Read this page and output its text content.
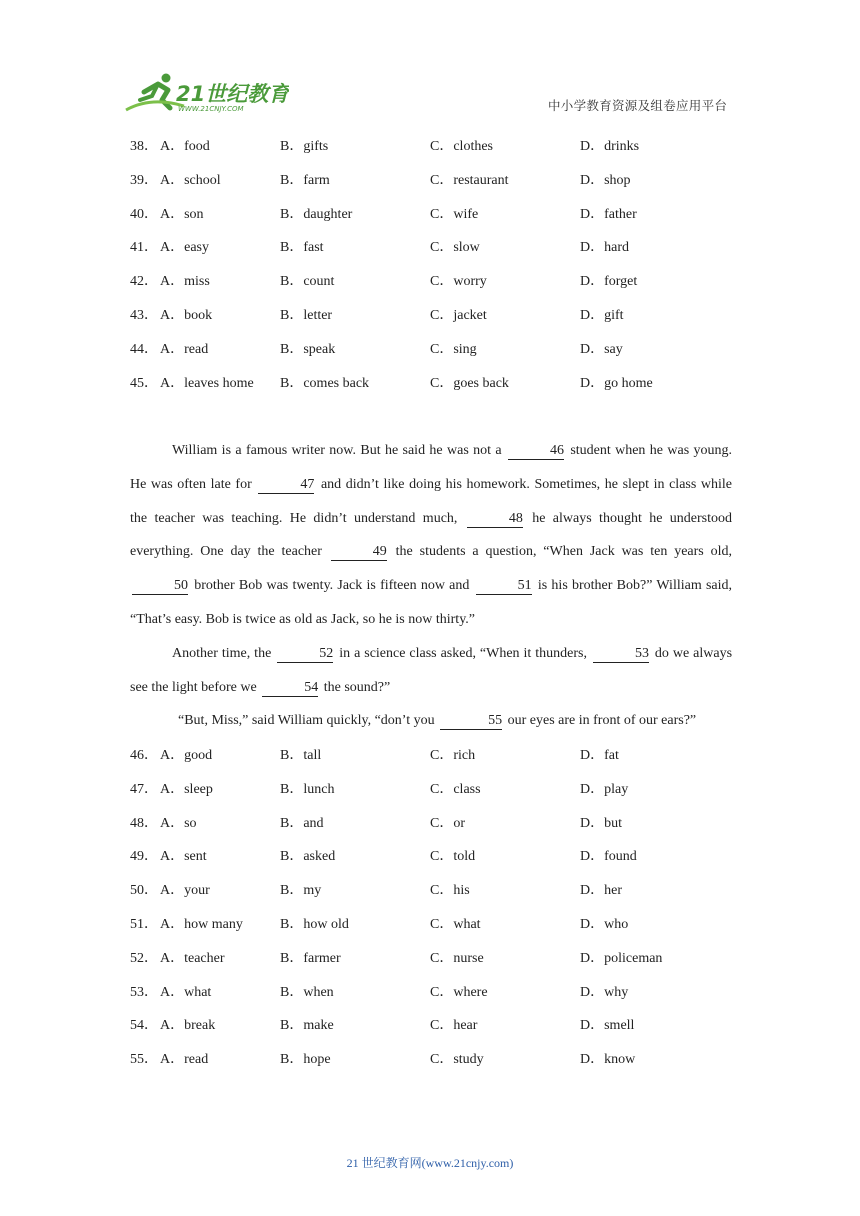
21世纪教育
WWW.21CNJY.COM	中小学教育资源及组卷应用平台
38． A．food	B．gifts	C．clothes	D．drinks
39． A．school	B．farm	C．restaurant	D．shop
40． A．son	B．daughter	C．wife	D．father
41． A．easy	B．fast	C．slow	D．hard
42． A．miss	B．count	C．worry	D．forget
43． A．book	B．letter	C．jacket	D．gift
44． A．read	B．speak	C．sing	D．say
45． A．leaves home B．comes back	C．goes back	D．go home

William is a famous writer now. But he said he was not a	46 student when he was young. He was often late for	47 and didn’t like doing his homework. Sometimes, he slept in class while the teacher was teaching. He didn’t understand much,	48 he always thought he understood everything. One day the teacher	49 the students a question, “When Jack was ten years old, 50 brother Bob was twenty. Jack is fifteen now and	51 is his brother Bob?” William said, “That’s easy. Bob is twice as old as Jack, so he is now thirty.”

Another time, the	52 in a science class asked, “When it thunders,	53 do we always see the light before we	54 the sound?”

“But, Miss,” said William quickly, “don’t you	55 our eyes are in front of our ears?”

46． A．good	B．tall	C．rich	D．fat
47． A．sleep	B．lunch	C．class	D．play
48． A．so	B．and	C．or	D．but
49． A．sent	B．asked	C．told	D．found
50． A．your	B．my	C．his	D．her
51． A．how many	B．how old	C．what	D．who
52． A．teacher	B．farmer	C．nurse	D．policeman
53． A．what	B．when	C．where	D．why
54． A．break	B．make	C．hear	D．smell
55． A．read	B．hope	C．study	D．know
21 世纪教育网(www.21cnjy.com)
